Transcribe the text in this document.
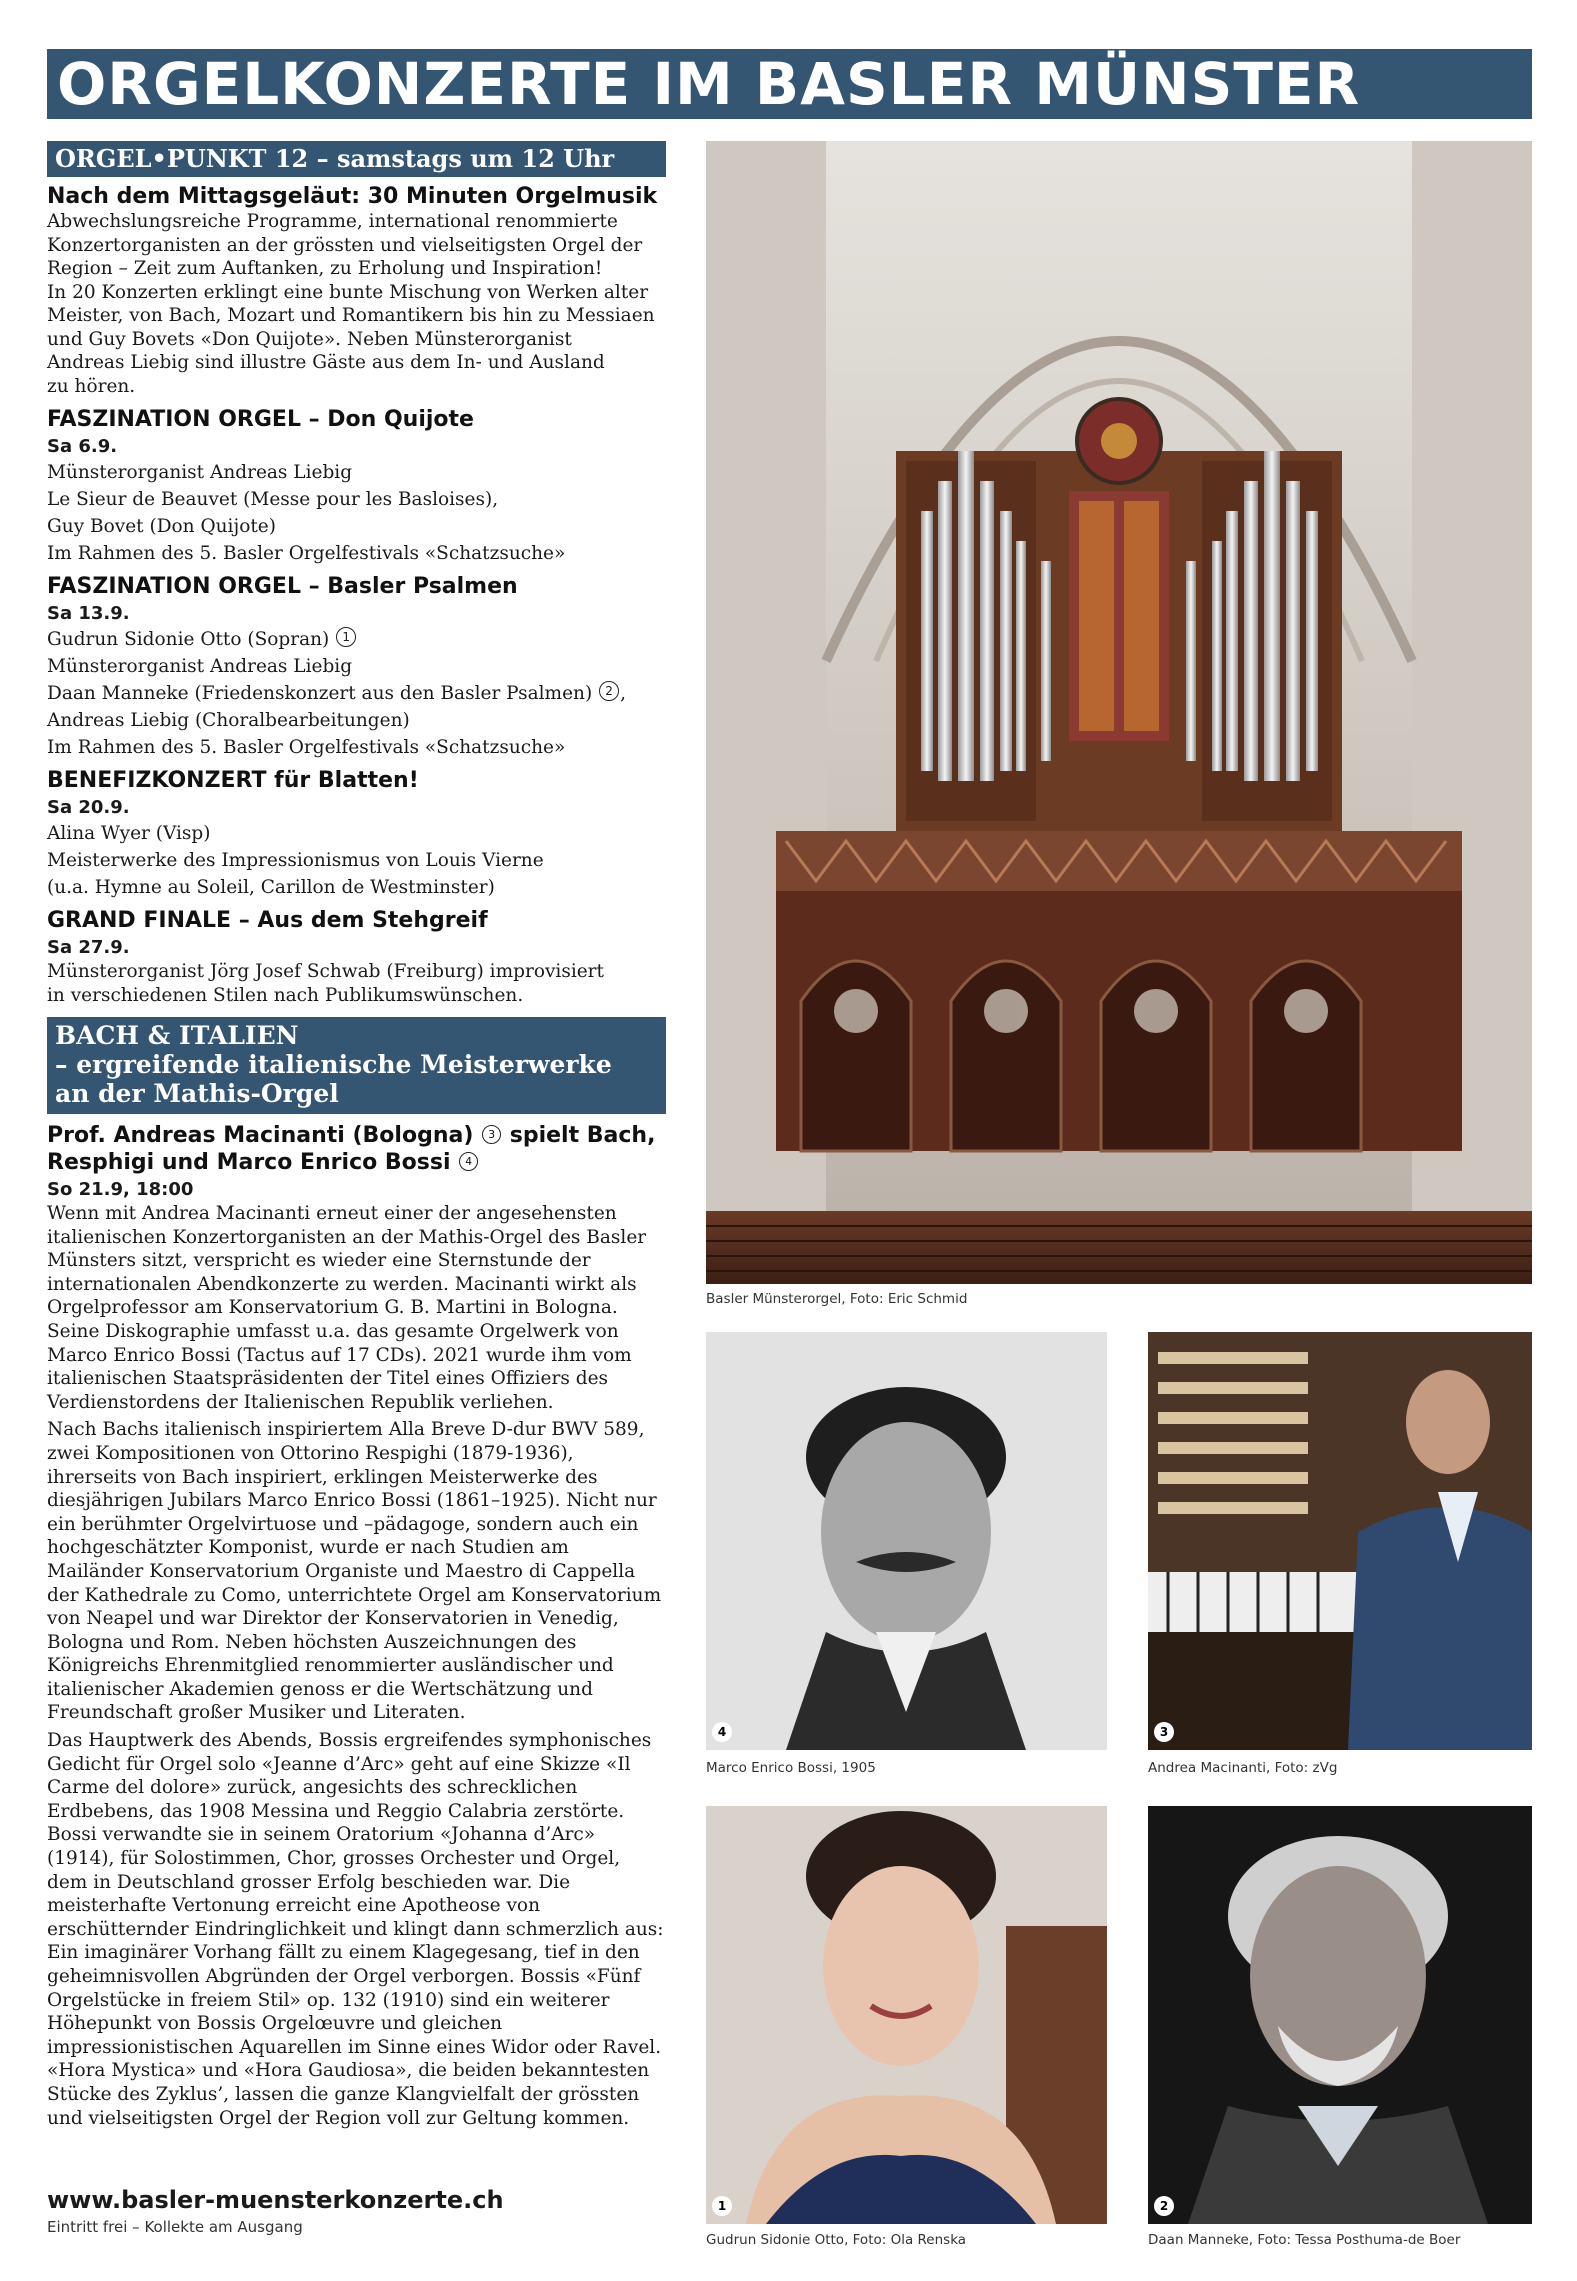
ORGELKONZERTE IM BASLER MÜNSTER
ORGEL•PUNKT 12 – samstags um 12 Uhr
Nach dem Mittagsgeläut: 30 Minuten Orgelmusik
Abwechslungsreiche Programme, international renommierte
Konzertorganisten an der grössten und vielseitigsten Orgel der
Region – Zeit zum Auftanken, zu Erholung und Inspiration!
In 20 Konzerten erklingt eine bunte Mischung von Werken alter
Meister, von Bach, Mozart und Romantikern bis hin zu Messiaen
und Guy Bovets «Don Quijote». Neben Münsterorganist
Andreas Liebig sind illustre Gäste aus dem In- und Ausland
zu hören.
FASZINATION ORGEL – Don Quijote
Sa 6.9.
Münsterorganist Andreas Liebig
Le Sieur de Beauvet (Messe pour les Basloises),
Guy Bovet (Don Quijote)
Im Rahmen des 5. Basler Orgelfestivals «Schatzsuche»
FASZINATION ORGEL – Basler Psalmen
Sa 13.9.
Gudrun Sidonie Otto (Sopran) 1
Münsterorganist Andreas Liebig
Daan Manneke (Friedenskonzert aus den Basler Psalmen) 2 ,
Andreas Liebig (Choralbearbeitungen)
Im Rahmen des 5. Basler Orgelfestivals «Schatzsuche»
BENEFIZKONZERT für Blatten!
Sa 20.9.
Alina Wyer (Visp)
Meisterwerke des Impressionismus von Louis Vierne
(u.a. Hymne au Soleil, Carillon de Westminster)
GRAND FINALE – Aus dem Stehgreif
Sa 27.9.
Münsterorganist Jörg Josef Schwab (Freiburg) improvisiert
in verschiedenen Stilen nach Publikumswünschen.
BACH & ITALIEN
– ergreifende italienische Meisterwerke
an der Mathis-Orgel
Prof. Andreas Macinanti (Bologna) 3 spielt Bach,
Resphigi und Marco Enrico Bossi 4
So 21.9, 18:00

Wenn mit Andrea Macinanti erneut einer der angesehensten italienischen Konzertorganisten an der Mathis-Orgel des Basler Münsters sitzt, verspricht es wieder eine Sternstunde der internationalen Abendkonzerte zu werden. Macinanti wirkt als Orgelprofessor am Konservatorium G. B. Martini in Bologna. Seine Diskographie umfasst u.a. das gesamte Orgelwerk von Marco Enrico Bossi (Tactus auf 17 CDs). 2021 wurde ihm vom italienischen Staatspräsidenten der Titel eines Offiziers des Verdienstordens der Italienischen Republik verliehen.

Nach Bachs italienisch inspiriertem Alla Breve D-dur BWV 589, zwei Kompositionen von Ottorino Respighi (1879-1936), ihrerseits von Bach inspiriert, erklingen Meisterwerke des diesjährigen Jubilars Marco Enrico Bossi (1861–1925). Nicht nur ein berühmter Orgelvirtuose und –pädagoge, sondern auch ein hochgeschätzter Komponist, wurde er nach Studien am Mailänder Konservatorium Organiste und Maestro di Cappella der Kathedrale zu Como, unterrichtete Orgel am Konservatorium von Neapel und war Direktor der Konservatorien in Venedig, Bologna und Rom. Neben höchsten Auszeichnungen des Königreichs Ehrenmitglied renommierter ausländischer und italienischer Akademien genoss er die Wertschätzung und Freundschaft großer Musiker und Literaten.

Das Hauptwerk des Abends, Bossis ergreifendes symphonisches Gedicht für Orgel solo «Jeanne d’Arc» geht auf eine Skizze «Il Carme del dolore» zurück, angesichts des schrecklichen Erdbebens, das 1908 Messina und Reggio Calabria zerstörte. Bossi verwandte sie in seinem Oratorium «Johanna d’Arc» (1914), für Solostimmen, Chor, grosses Orchester und Orgel, dem in Deutschland grosser Erfolg beschieden war. Die meisterhafte Vertonung erreicht eine Apotheose von erschütternder Eindringlichkeit und klingt dann schmerzlich aus: Ein imaginärer Vorhang fällt zu einem Klagegesang, tief in den geheimnisvollen Abgründen der Orgel verborgen. Bossis «Fünf Orgelstücke in freiem Stil» op. 132 (1910) sind ein weiterer Höhepunkt von Bossis Orgelœuvre und gleichen impressionistischen Aquarellen im Sinne eines Widor oder Ravel. «Hora Mystica» und «Hora Gaudiosa», die beiden bekanntesten Stücke des Zyklus’, lassen die ganze Klangvielfalt der grössten und vielseitigsten Orgel der Region voll zur Geltung kommen.

www.basler-muensterkonzerte.ch
Eintritt frei – Kollekte am Ausgang
Basler Münsterorgel, Foto: Eric Schmid
4
Marco Enrico Bossi, 1905
3
Andrea Macinanti, Foto: zVg
1
Gudrun Sidonie Otto, Foto: Ola Renska
2
Daan Manneke, Foto: Tessa Posthuma-de Boer
